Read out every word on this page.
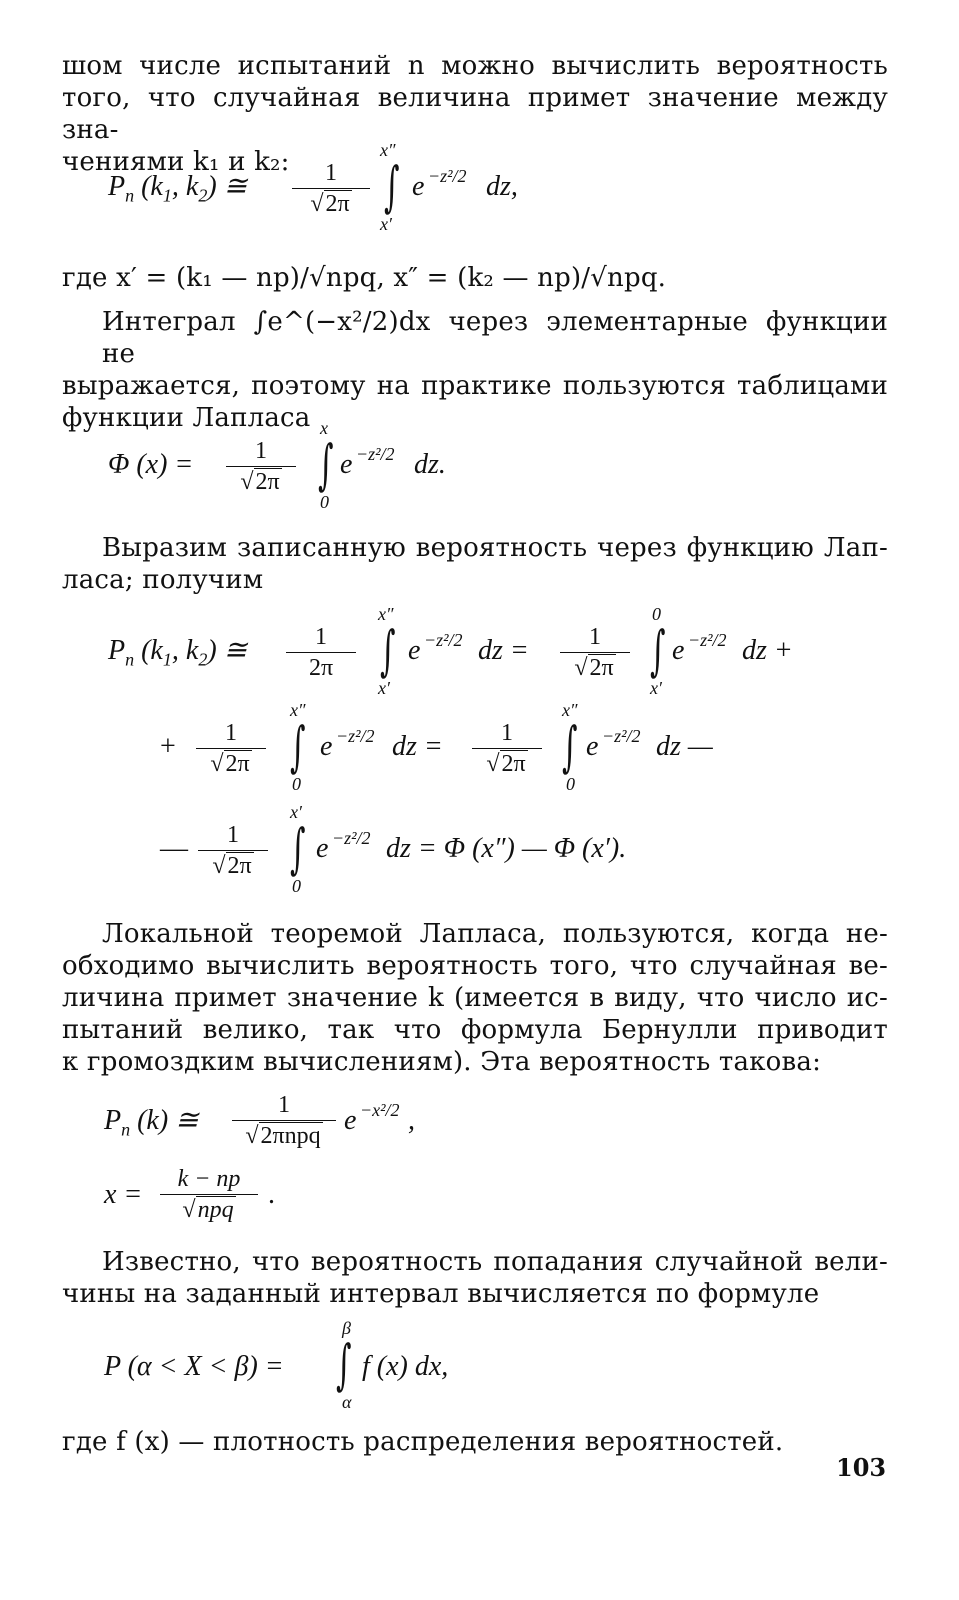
шом числе испытаний n можно вычислить вероятность
того, что случайная величина примет значение между зна-
чениями k₁ и k₂:
$P_n$ ($k_1$, $k_2$) ≅	1
√2π
x″
∫
x′
e −z²/2 dz,
где x′ = (k₁ — np)/√npq, x″ = (k₂ — np)/√npq.
Интеграл ∫e^(−x²/2)dx через элементарные функции не
выражается, поэтому на практике пользуются таблицами
функции Лапласа
Φ (x) =	1
√2π
x
∫
0
e −z²/2 dz.
Выразим записанную вероятность через функцию Лап-
ласа; получим
$P_n$ ($k_1$, $k_2$) ≅	1
2π
x″
∫
x′
e −z²/2 dz =	1
√2π
0
∫
x′
e −z²/2 dz +
+	1
√2π
x″
∫
0
e −z²/2 dz =	1
√2π
x″
∫
0
e −z²/2 dz —
—	1
√2π
x′
∫
0
e −z²/2 dz = Φ (x″) — Φ (x′).
Локальной теоремой Лапласа, пользуются, когда не-
обходимо вычислить вероятность того, что случайная ве-
личина примет значение k (имеется в виду, что число ис-
пытаний велико, так что формула Бернулли приводит
к громоздким вычислениям). Эта вероятность такова:
$P_n$ (k) ≅	1
√2πnpq e −x²/2 ,
x =	k − np
√npq	.
Известно, что вероятность попадания случайной вели-
чины на заданный интервал вычисляется по формуле
P (α < X < β) =
β
∫
α
f (x) dx,
где f (x) — плотность распределения вероятностей.
103
